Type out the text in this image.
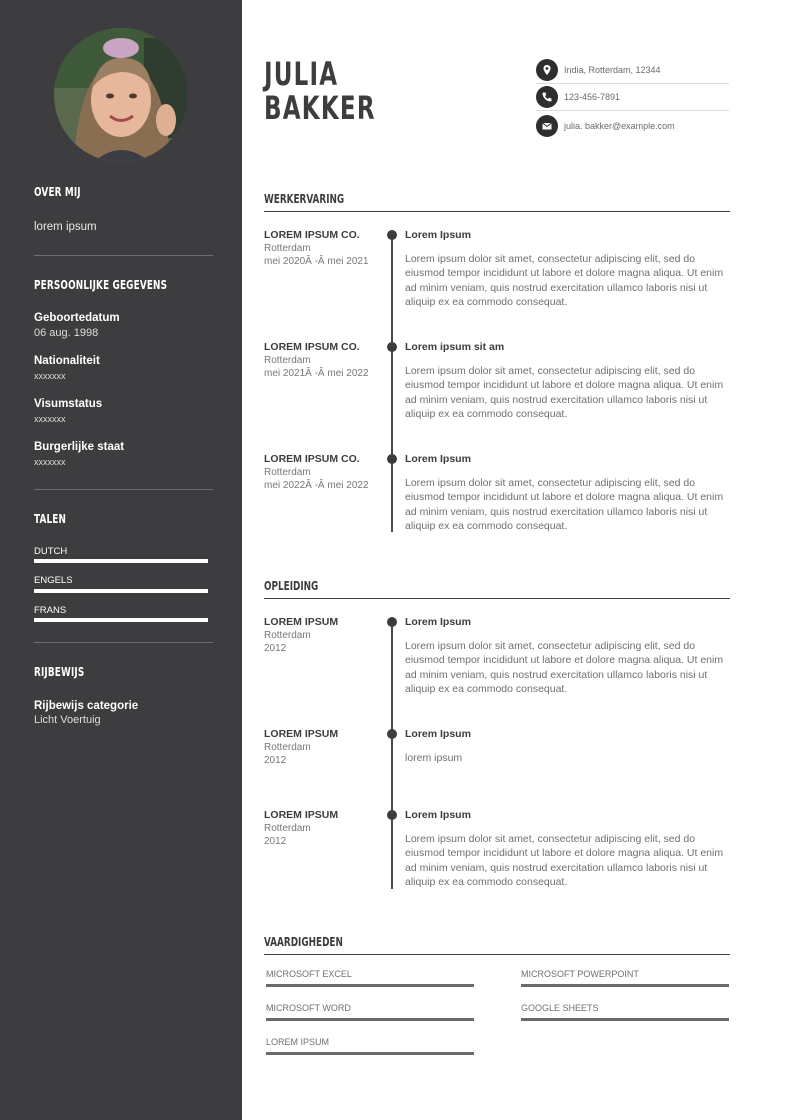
OVER MIJ
lorem ipsum
PERSOONLIJKE GEGEVENS
Geboortedatum
06 aug. 1998
Nationaliteit
xxxxxxx
Visumstatus
xxxxxxx
Burgerlijke staat
xxxxxxx
TALEN
DUTCH
ENGELS
FRANS
RIJBEWIJS
Rijbewijs categorie
Licht Voertuig
JULIA
BAKKER
India, Rotterdam, 12344
123-456-7891
julia. bakker@example.com
WERKERVARING
LOREM IPSUM CO.
Rotterdam
mei 2020Â -Â mei 2021
Lorem Ipsum
Lorem ipsum dolor sit amet, consectetur adipiscing elit, sed do eiusmod tempor incididunt ut labore et dolore magna aliqua. Ut enim ad minim veniam, quis nostrud exercitation ullamco laboris nisi ut aliquip ex ea commodo consequat.
LOREM IPSUM CO.
Rotterdam
mei 2021Â -Â mei 2022
Lorem ipsum sit am
Lorem ipsum dolor sit amet, consectetur adipiscing elit, sed do eiusmod tempor incididunt ut labore et dolore magna aliqua. Ut enim ad minim veniam, quis nostrud exercitation ullamco laboris nisi ut aliquip ex ea commodo consequat.
LOREM IPSUM CO.
Rotterdam
mei 2022Â -Â mei 2022
Lorem Ipsum
Lorem ipsum dolor sit amet, consectetur adipiscing elit, sed do eiusmod tempor incididunt ut labore et dolore magna aliqua. Ut enim ad minim veniam, quis nostrud exercitation ullamco laboris nisi ut aliquip ex ea commodo consequat.
OPLEIDING
LOREM IPSUM
Rotterdam
2012
Lorem Ipsum
Lorem ipsum dolor sit amet, consectetur adipiscing elit, sed do eiusmod tempor incididunt ut labore et dolore magna aliqua. Ut enim ad minim veniam, quis nostrud exercitation ullamco laboris nisi ut aliquip ex ea commodo consequat.
LOREM IPSUM
Rotterdam
2012
Lorem Ipsum
lorem ipsum
LOREM IPSUM
Rotterdam
2012
Lorem Ipsum
Lorem ipsum dolor sit amet, consectetur adipiscing elit, sed do eiusmod tempor incididunt ut labore et dolore magna aliqua. Ut enim ad minim veniam, quis nostrud exercitation ullamco laboris nisi ut aliquip ex ea commodo consequat.
VAARDIGHEDEN
MICROSOFT EXCEL	MICROSOFT POWERPOINT
MICROSOFT WORD	GOOGLE SHEETS
LOREM IPSUM
